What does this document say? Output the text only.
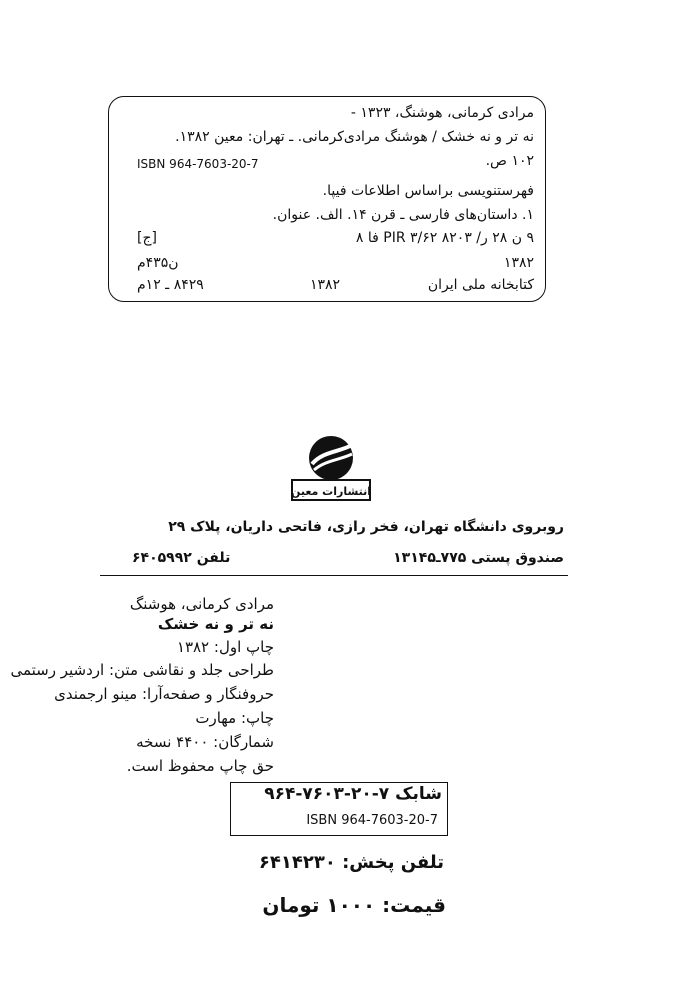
مرادی کرمانی، هوشنگ، ۱۳۲۳ -
نه تر و نه خشک / هوشنگ مرادی‌کرمانی. ـ تهران: معین ۱۳۸۲.
۱۰۲ ص.
ISBN 964-7603-20-7
فهرستنویسی براساس اطلاعات فیپا.
۱. داستان‌های فارسی ـ قرن ۱۴. الف. عنوان.
۹ ن ۲۸ ر/ ۸۲۰۳ PIR ۳/۶۲ فا ۸
[ج]
۱۳۸۲
ن۴۳۵م
کتابخانه ملی ایران
۱۳۸۲
۸۴۲۹ ـ ۱۲م
انتشارات معین
روبروی دانشگاه تهران، فخر رازی، فاتحی داریان، پلاک ۲۹
صندوق پستی ۷۷۵ـ۱۳۱۴۵
تلفن ۶۴۰۵۹۹۲
مرادی کرمانی، هوشنگ
نه تر و نه خشک
چاپ اول: ۱۳۸۲
طراحی جلد و نقاشی متن: اردشیر رستمی
حروفنگار و صفحه‌آرا: مینو ارجمندی
چاپ: مهارت
شمارگان: ۴۴۰۰ نسخه
حق چاپ محفوظ است.
شابک ۷-۲۰-۷۶۰۳-۹۶۴
ISBN 964-7603-20-7
تلفن پخش: ۶۴۱۴۲۳۰
قیمت: ۱۰۰۰ تومان
